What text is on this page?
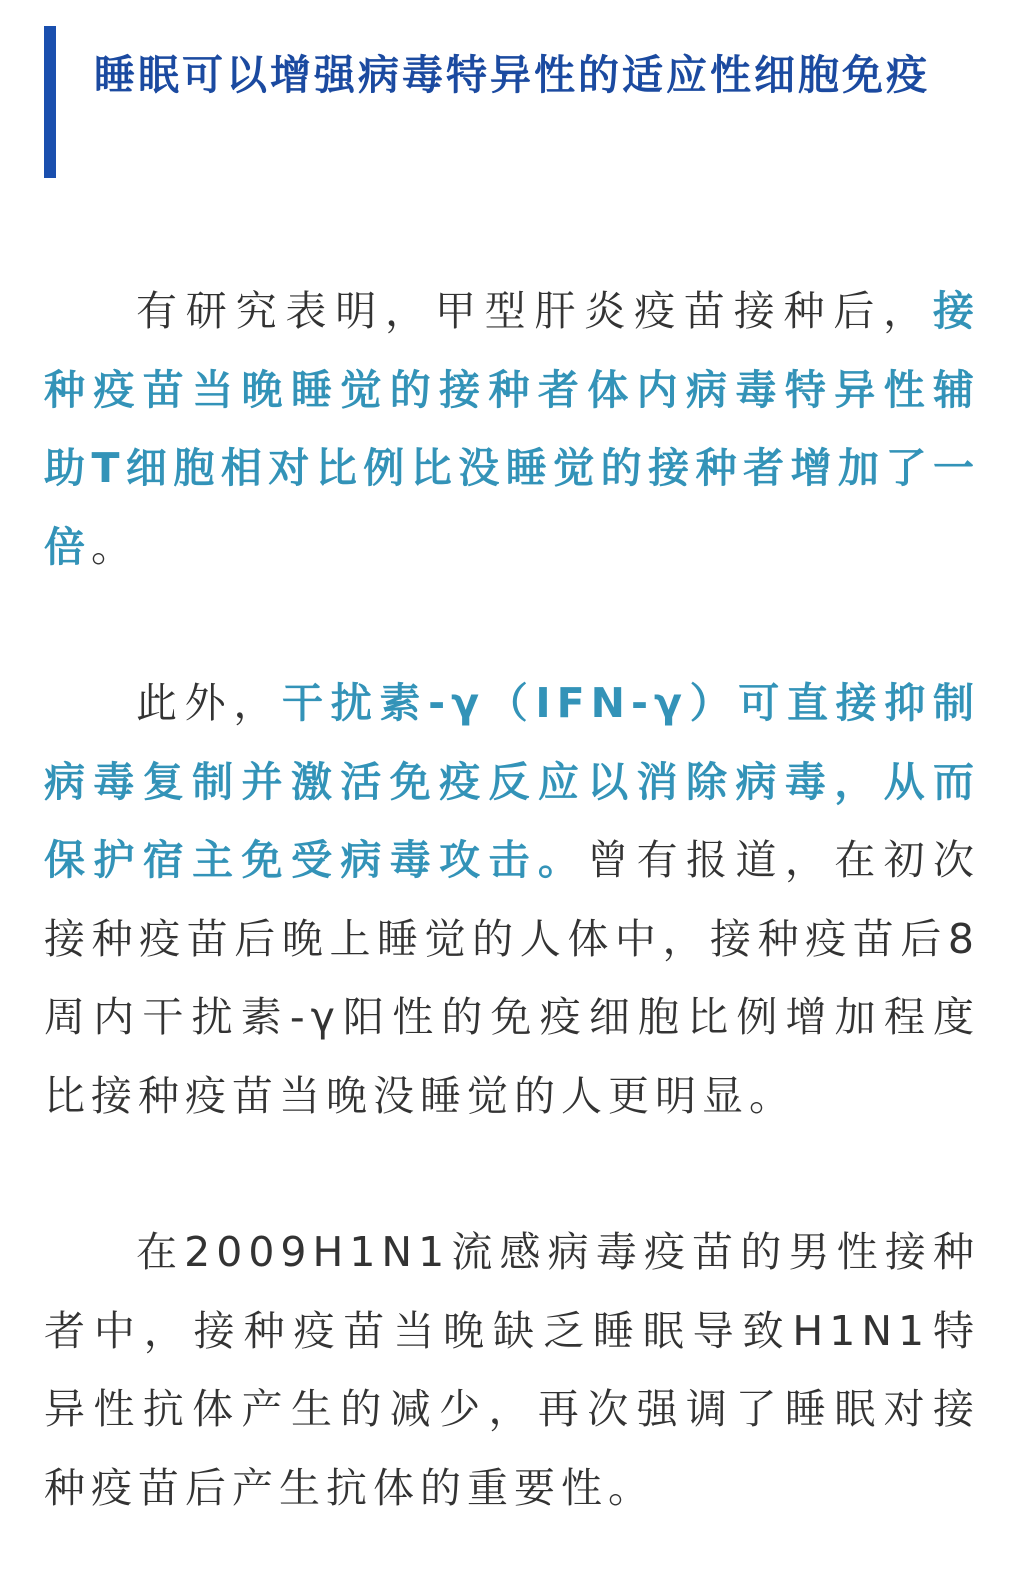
睡眠可以增强病毒特异性的适应性细胞免疫

有研究表明，甲型肝炎疫苗接种后，接种疫苗当晚睡觉的接种者体内病毒特异性辅助T细胞相对比例比没睡觉的接种者增加了一倍。

此外，干扰素-γ（IFN-γ）可直接抑制病毒复制并激活免疫反应以消除病毒，从而保护宿主免受病毒攻击。曾有报道，在初次接种疫苗后晚上睡觉的人体中，接种疫苗后8周内干扰素-γ阳性的免疫细胞比例增加程度比接种疫苗当晚没睡觉的人更明显。

在2009H1N1流感病毒疫苗的男性接种者中，接种疫苗当晚缺乏睡眠导致H1N1特异性抗体产生的减少，再次强调了睡眠对接种疫苗后产生抗体的重要性。
